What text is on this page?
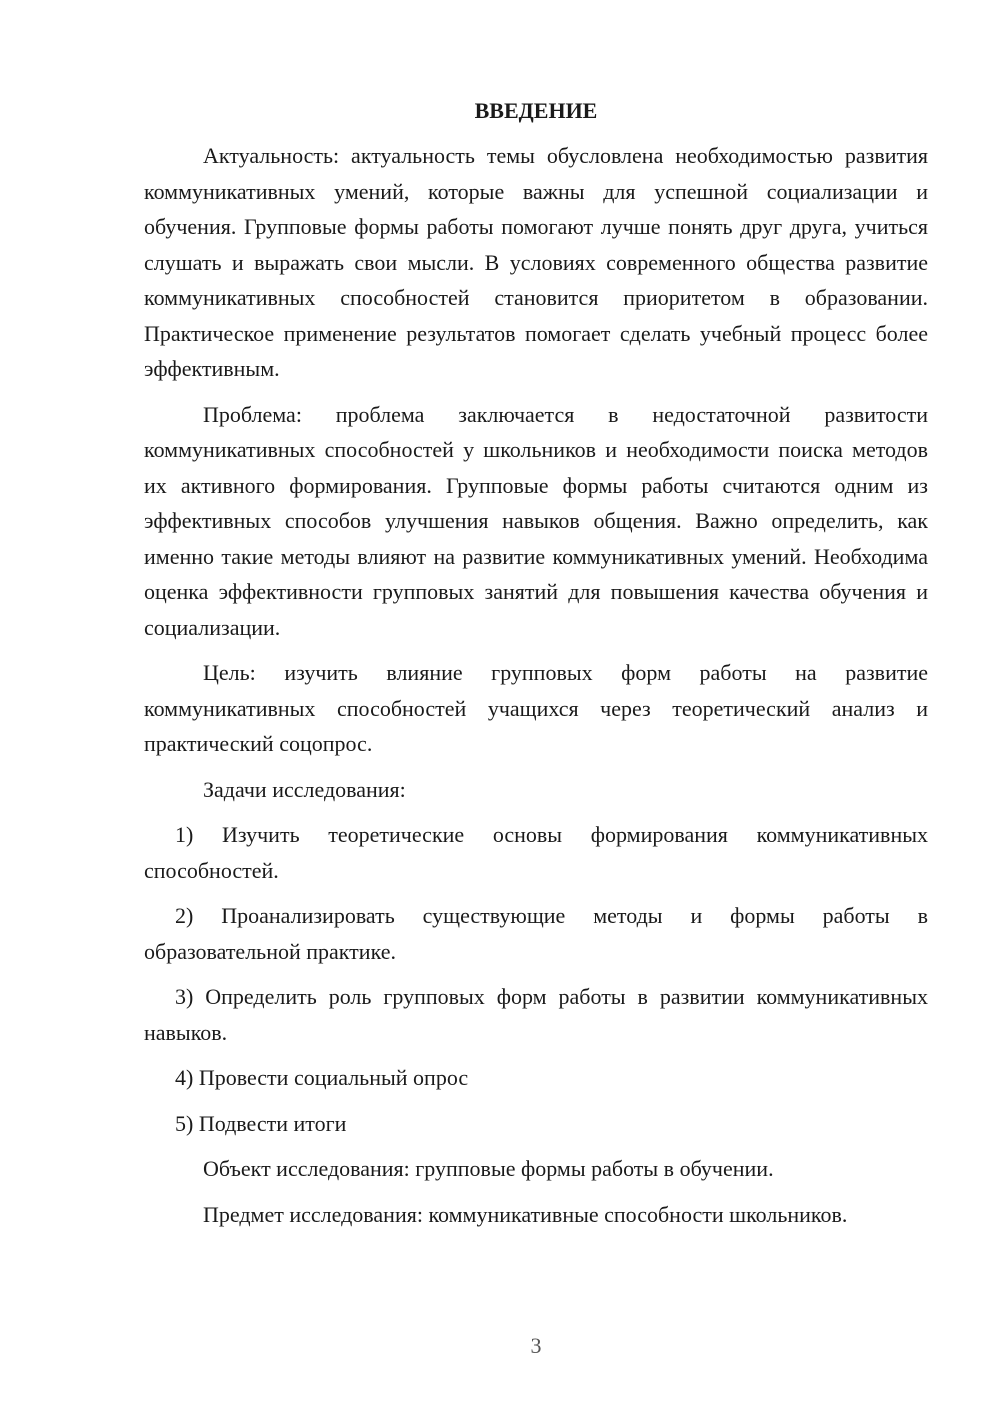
ВВЕДЕНИЕ

Актуальность: актуальность темы обусловлена необходимостью развития коммуникативных умений, которые важны для успешной социализации и обучения. Групповые формы работы помогают лучше понять друг друга, учиться слушать и выражать свои мысли. В условиях современного общества развитие коммуникативных способностей становится приоритетом в образовании. Практическое применение результатов помогает сделать учебный процесс более эффективным.

Проблема: проблема заключается в недостаточной развитости коммуникативных способностей у школьников и необходимости поиска методов их активного формирования. Групповые формы работы считаются одним из эффективных способов улучшения навыков общения. Важно определить, как именно такие методы влияют на развитие коммуникативных умений. Необходима оценка эффективности групповых занятий для повышения качества обучения и социализации.

Цель: изучить влияние групповых форм работы на развитие коммуникативных способностей учащихся через теоретический анализ и практический соцопрос.

Задачи исследования:

1) Изучить теоретические основы формирования коммуникативных способностей.

2) Проанализировать существующие методы и формы работы в образовательной практике.

3) Определить роль групповых форм работы в развитии коммуникативных навыков.

4) Провести социальный опрос

5) Подвести итоги

Объект исследования: групповые формы работы в обучении.

Предмет исследования: коммуникативные способности школьников.

3
